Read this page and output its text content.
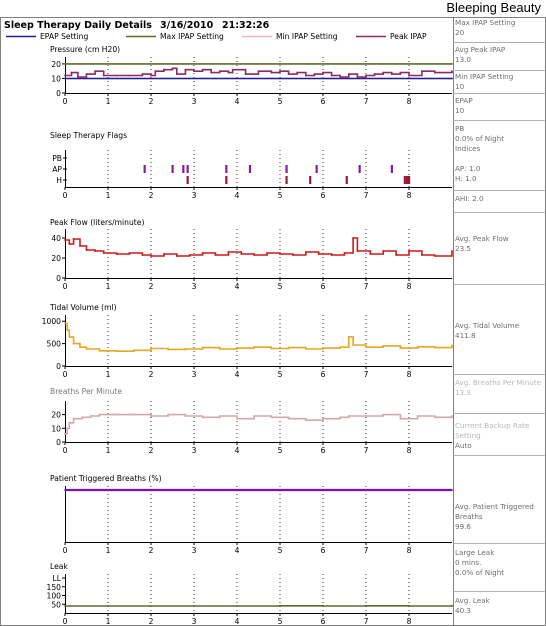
Bleeping Beauty
Sleep Therapy Daily Details 3/16/2010 21:32:26
EPAP Setting	Max IPAP Setting	Min IPAP Setting	Peak IPAP
Pressure (cm H20)
0	1	2	3	4	5	6	7	8
20
10
0
Sleep Therapy Flags
0	1	2	3	4	5	6	7	8
PB
AP
H
Peak Flow (liters/minute)
0	1	2	3	4	5	6	7	8
40
20
0
Tidal Volume (ml)
0	1	2	3	4	5	6	7	8
1000
500
0
Breaths Per Minute
0	1	2	3	4	5	6	7	8
20
10
0
Patient Triggered Breaths (%)
0	1	2	3	4	5	6	7	8
Leak
0	1	2	3	4	5	6	7	8
LL
150
100
50
Max IPAP Setting
20
Avg Peak IPAP
13.0
Min IPAP Setting
10
EPAP
10
PB
0.0% of Night
Indices
AP: 1.0
H: 1.0
AHI: 2.0
Avg. Peak Flow
23.5
Avg. Tidal Volume
411.8
Avg. Breaths Per Minute
13.3
Current Backup Rate Setting
Auto
Avg. Patient Triggered Breaths
99.6
Large Leak
0 mins.
0.0% of Night
Avg. Leak
40.3
